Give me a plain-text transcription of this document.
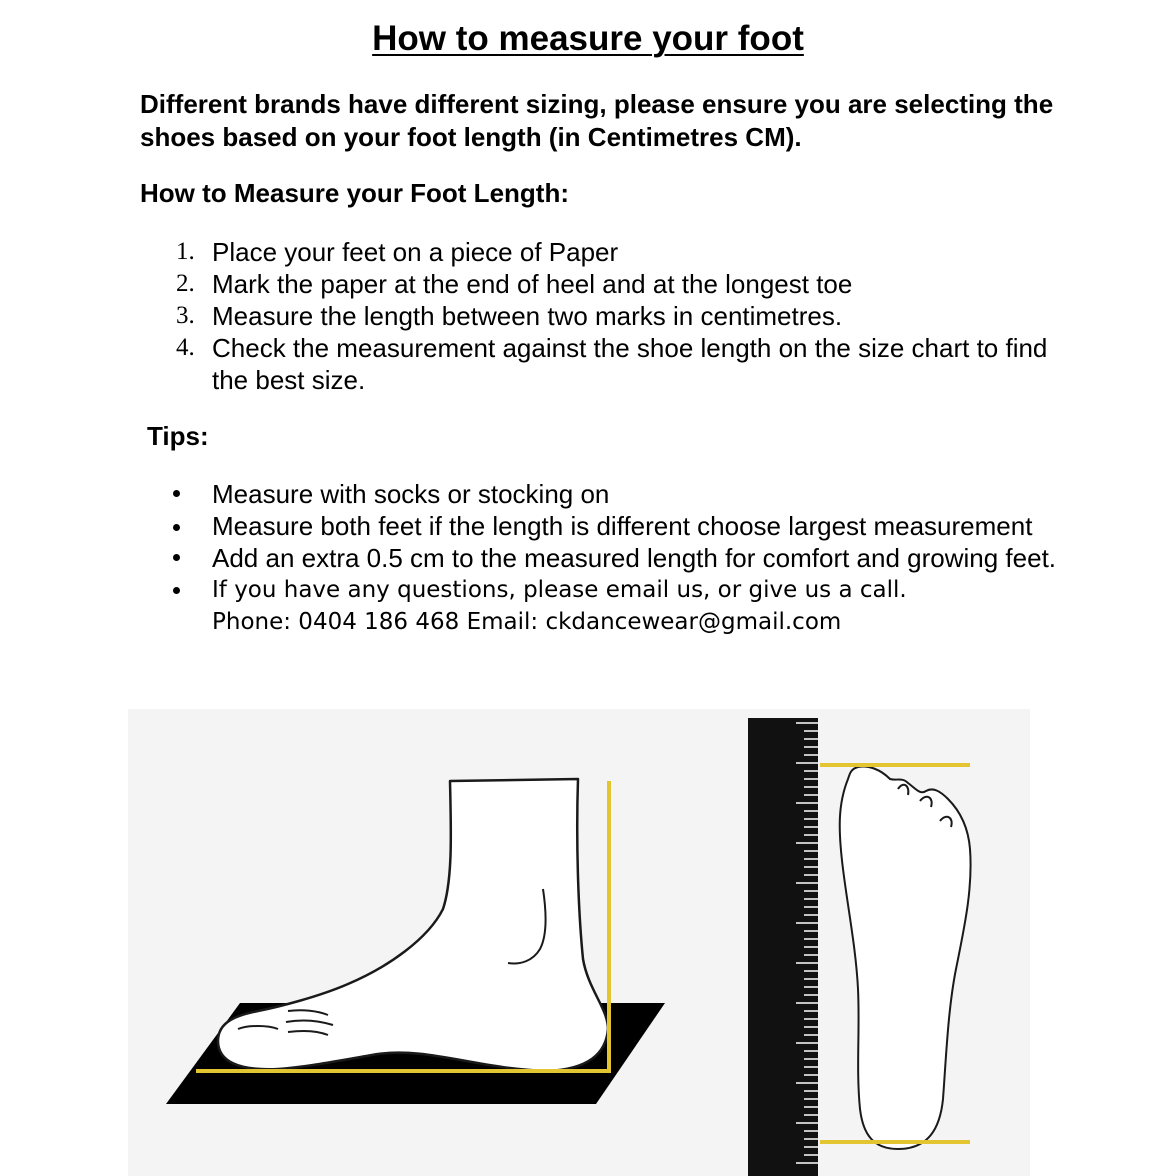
How to measure your foot

Different brands have different sizing, please ensure you are selecting the shoes based on your foot length (in Centimetres CM).

How to Measure your Foot Length:

1. Place your feet on a piece of Paper
2. Mark the paper at the end of heel and at the longest toe
3. Measure the length between two marks in centimetres.
4. Check the measurement against the shoe length on the size chart to find the best size.

Tips:

Measure with socks or stocking on
Measure both feet if the length is different choose largest measurement
Add an extra 0.5 cm to the measured length for comfort and growing feet.
If you have any questions, please email us, or give us a call.
Phone: 0404 186 468 Email: ckdancewear@gmail.com
